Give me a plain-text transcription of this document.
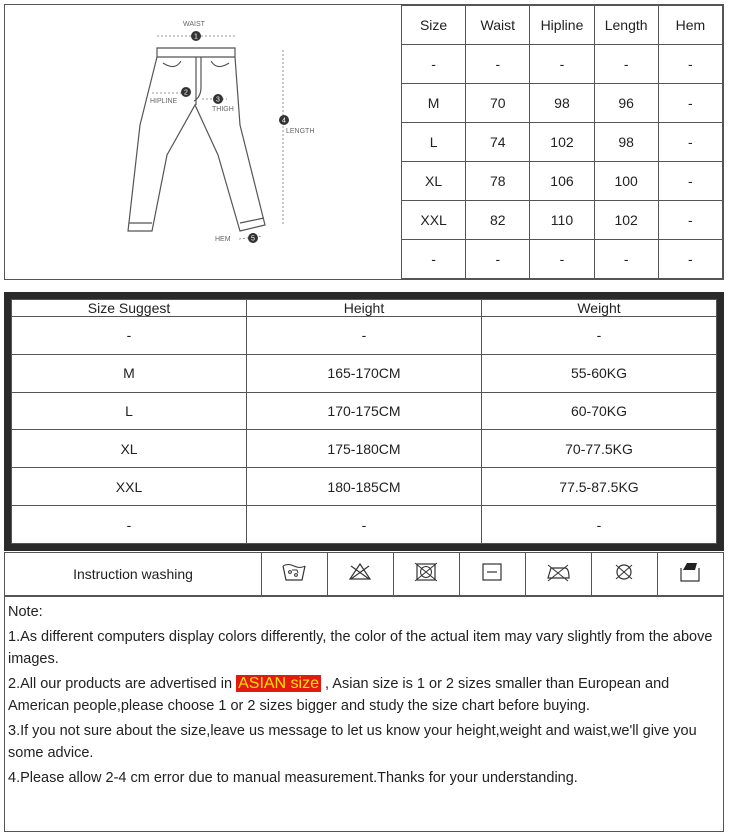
1
2
3
4
5
WAIST
HIPLINE
THIGH
LENGTH
HEM
Size	Waist	Hipline	Length	Hem
-	-	-	-	-
M	70	98	96	-
L	74	102	98	-
XL	78	106	100	-
XXL	82	110	102	-
-	-	-	-	-
Size Suggest	Height	Weight
-	-	-
M	165-170CM	55-60KG
L	170-175CM	60-70KG
XL	175-180CM	70-77.5KG
XXL	180-185CM	77.5-87.5KG
-	-	-
Instruction washing							

Note:

1.As different computers display colors differently, the color of the actual item may vary slightly from the above images.

2.All our products are advertised in ASIAN size , Asian size is 1 or 2 sizes smaller than European and
American people,please choose 1 or 2 sizes bigger and study the size chart before buying.

3.If you not sure about the size,leave us message to let us know your height,weight and waist,we'll give you some advice.

4.Please allow 2-4 cm error due to manual measurement.Thanks for your understanding.
